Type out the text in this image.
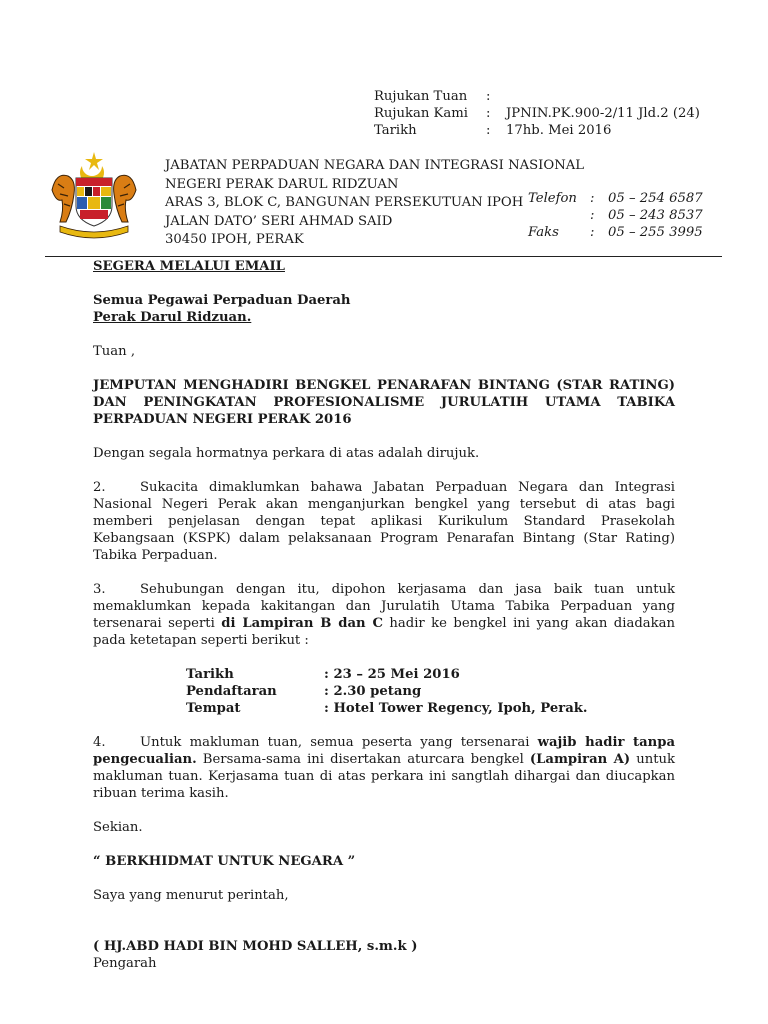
Rujukan Tuan	:	
Rujukan Kami	:	JPNIN.PK.900-2/11 Jld.2 (24)
Tarikh	:	17hb. Mei 2016
JABATAN PERPADUAN NEGARA DAN INTEGRASI NASIONAL
NEGERI PERAK DARUL RIDZUAN
ARAS 3, BLOK C, BANGUNAN PERSEKUTUAN IPOH
JALAN DATO’ SERI AHMAD SAID
30450 IPOH, PERAK
Telefon	:	05 – 254 6587
	:	05 – 243 8537
Faks	:	05 – 255 3995
SEGERA MELALUI EMAIL
Semua Pegawai Perpaduan Daerah
Perak Darul Ridzuan.
Tuan ,

JEMPUTAN MENGHADIRI BENGKEL PENARAFAN BINTANG (STAR RATING) DAN PENINGKATAN PROFESIONALISME JURULATIH UTAMA TABIKA PERPADUAN NEGERI PERAK 2016

Dengan segala hormatnya perkara di atas adalah dirujuk.

2.	Sukacita dimaklumkan bahawa Jabatan Perpaduan Negara dan Integrasi Nasional Negeri Perak akan menganjurkan bengkel yang tersebut di atas bagi memberi penjelasan dengan tepat aplikasi Kurikulum Standard Prasekolah Kebangsaan (KSPK) dalam pelaksanaan Program Penarafan Bintang (Star Rating) Tabika Perpaduan.

3.	Sehubungan dengan itu, dipohon kerjasama dan jasa baik tuan untuk memaklumkan kepada kakitangan dan Jurulatih Utama Tabika Perpaduan yang tersenarai seperti di Lampiran B dan C hadir ke bengkel ini yang akan diadakan pada ketetapan seperti berikut :

Tarikh	: 23 – 25 Mei 2016
Pendaftaran	: 2.30 petang
Tempat	: Hotel Tower Regency, Ipoh, Perak.

4.	Untuk makluman tuan, semua peserta yang tersenarai wajib hadir tanpa pengecualian. Bersama-sama ini disertakan aturcara bengkel (Lampiran A) untuk makluman tuan. Kerjasama tuan di atas perkara ini sangtlah dihargai dan diucapkan ribuan terima kasih.

Sekian.
“ BERKHIDMAT UNTUK NEGARA ”
Saya yang menurut perintah,
( HJ.ABD HADI BIN MOHD SALLEH, s.m.k )
Pengarah
